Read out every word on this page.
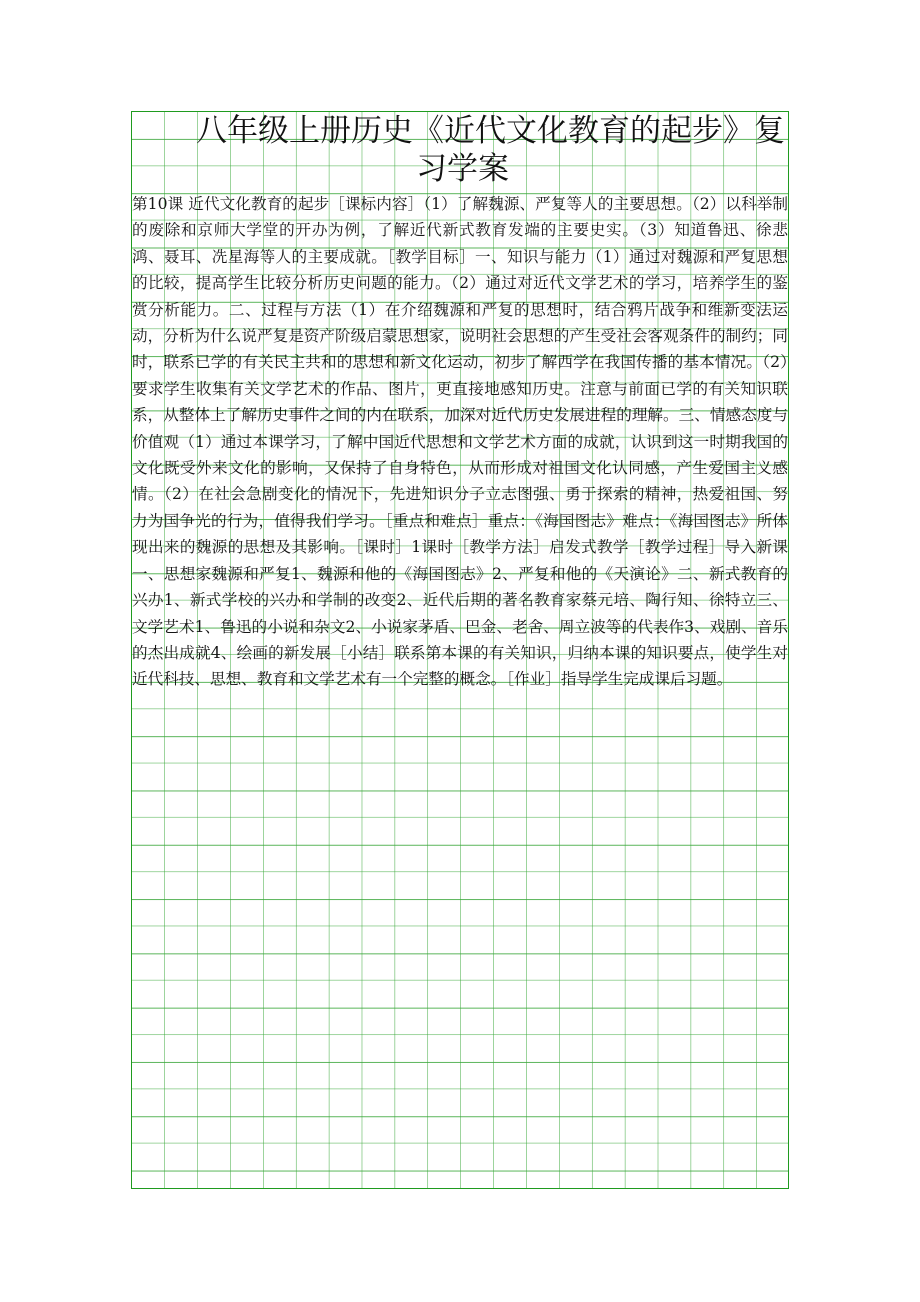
八年级上册历史《近代文化教育的起步》复
习学案

第10课 近代文化教育的起步［课标内容］（1）了解魏源、严复等人的主要思想。（2）以科举制的废除和京师大学堂的开办为例，了解近代新式教育发端的主要史实。（3）知道鲁迅、徐悲鸿、聂耳、冼星海等人的主要成就。［教学目标］一、知识与能力（1）通过对魏源和严复思想的比较，提高学生比较分析历史问题的能力。（2）通过对近代文学艺术的学习，培养学生的鉴赏分析能力。二、过程与方法（1）在介绍魏源和严复的思想时，结合鸦片战争和维新变法运动，分析为什么说严复是资产阶级启蒙思想家，说明社会思想的产生受社会客观条件的制约；同时，联系已学的有关民主共和的思想和新文化运动，初步了解西学在我国传播的基本情况。（2）要求学生收集有关文学艺术的作品、图片，更直接地感知历史。注意与前面已学的有关知识联系，从整体上了解历史事件之间的内在联系，加深对近代历史发展进程的理解。三、情感态度与价值观（1）通过本课学习，了解中国近代思想和文学艺术方面的成就，认识到这一时期我国的文化既受外来文化的影响，又保持了自身特色，从而形成对祖国文化认同感，产生爱国主义感情。（2）在社会急剧变化的情况下，先进知识分子立志图强、勇于探索的精神，热爱祖国、努力为国争光的行为，值得我们学习。［重点和难点］重点：《海国图志》难点：《海国图志》所体现出来的魏源的思想及其影响。［课时］1课时［教学方法］启发式教学［教学过程］导入新课一、思想家魏源和严复1、魏源和他的《海国图志》2、严复和他的《天演论》二、新式教育的兴办1、新式学校的兴办和学制的改变2、近代后期的著名教育家蔡元培、陶行知、徐特立三、文学艺术1、鲁迅的小说和杂文2、小说家茅盾、巴金、老舍、周立波等的代表作3、戏剧、音乐的杰出成就4、绘画的新发展［小结］联系第本课的有关知识，归纳本课的知识要点，使学生对近代科技、思想、教育和文学艺术有一个完整的概念。［作业］指导学生完成课后习题。
